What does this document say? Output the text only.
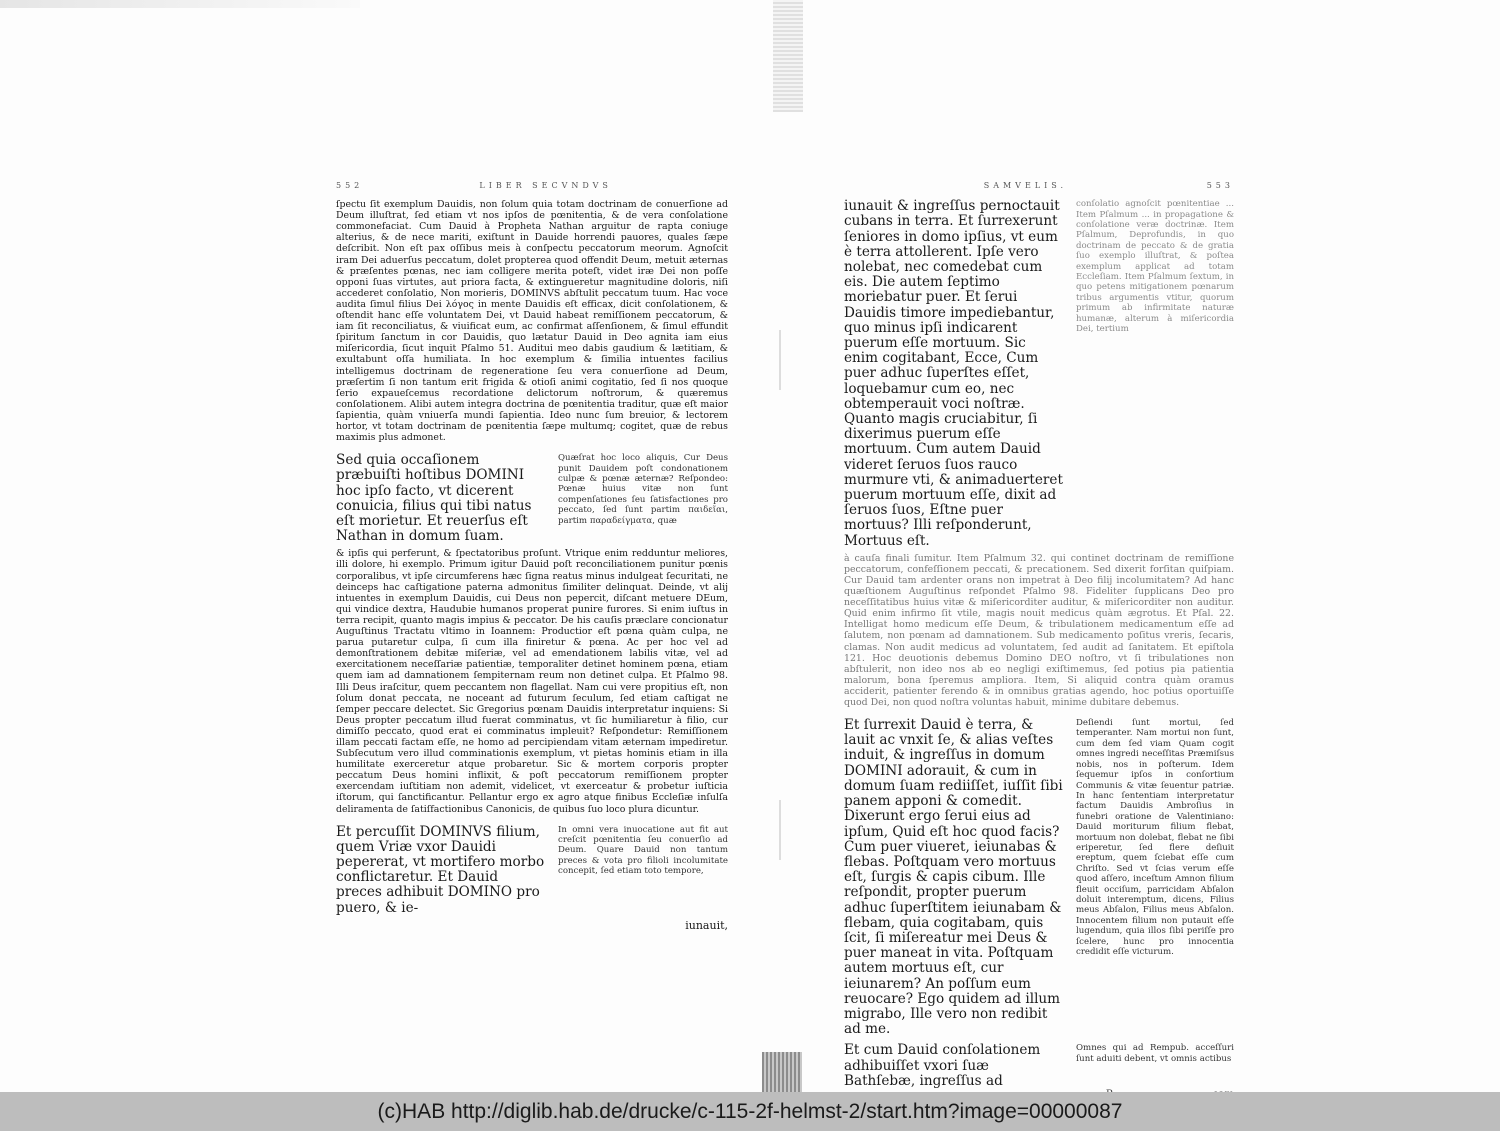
552	LIBER SECVNDVS

ſpectu ſit exemplum Dauidis, non ſolum quia totam doctrinam de conuerſione ad Deum illuſtrat, ſed etiam vt nos ipſos de pœnitentia, & de vera conſolatione commonefaciat. Cum Dauid à Propheta Nathan arguitur de rapta coniuge alterius, & de nece mariti, exiſtunt in Dauide horrendi pauores, quales ſæpe deſcribit. Non eſt pax oſſibus meis à conſpectu peccatorum meorum. Agnoſcit iram Dei aduerſus peccatum, dolet propterea quod offendit Deum, metuit æternas & præſentes pœnas, nec iam colligere merita poteſt, videt iræ Dei non poſſe opponi ſuas virtutes, aut priora facta, & extingueretur magnitudine doloris, niſi accederet conſolatio, Non morieris, DOMINVS abſtulit peccatum tuum. Hac voce audita ſimul filius Dei λόγος in mente Dauidis eſt efficax, dicit conſolationem, & oſtendit hanc eſſe voluntatem Dei, vt Dauid habeat remiſſionem peccatorum, & iam ſit reconciliatus, & viuificat eum, ac confirmat aſſenſionem, & ſimul effundit ſpiritum ſanctum in cor Dauidis, quo lætatur Dauid in Deo agnita iam eius miſericordia, ſicut inquit Pſalmo 51. Auditui meo dabis gaudium & lætitiam, & exultabunt oſſa humiliata. In hoc exemplum & ſimilia intuentes facilius intelligemus doctrinam de regeneratione ſeu vera conuerſione ad Deum, præſertim ſi non tantum erit frigida & otioſi animi cogitatio, ſed ſi nos quoque ſerio expaueſcemus recordatione delictorum noſtrorum, & quæremus conſolationem. Alibi autem integra doctrina de pœnitentia traditur, quæ eſt maior ſapientia, quàm vniuerſa mundi ſapientia. Ideo nunc ſum breuior, & lectorem hortor, vt totam doctrinam de pœnitentia ſæpe multumq; cogitet, quæ de rebus maximis plus admonet.

Sed quia occaſionem præbuiſti hoſtibus DOMINI hoc ipſo facto, vt dicerent conuicia, filius qui tibi natus eſt morietur. Et reuerſus eſt Nathan in domum ſuam.
Quæſrat hoc loco aliquis, Cur Deus punit Dauidem poſt condonationem culpæ & pœnæ æternæ? Reſpondeo: Pœnæ huius vitæ non ſunt compenſationes ſeu ſatisfactiones pro peccato, ſed ſunt partim παιδεῖαι, partim παραδείγματα, quæ

& ipſis qui perferunt, & ſpectatoribus proſunt. Vtrique enim redduntur meliores, illi dolore, hi exemplo. Primum igitur Dauid poſt reconciliationem punitur pœnis corporalibus, vt ipſe circumferens hæc ſigna reatus minus indulgeat ſecuritati, ne deinceps hac caſtigatione paterna admonitus ſimiliter delinquat. Deinde, vt alij intuentes in exemplum Dauidis, cui Deus non pepercit, diſcant metuere DEum, qui vindice dextra, Haudubie humanos properat punire furores. Si enim iuſtus in terra recipit, quanto magis impius & peccator. De his cauſis præclare concionatur Auguſtinus Tractatu vltimo in Ioannem: Productior eſt pœna quàm culpa, ne parua putaretur culpa, ſi cum illa finiretur & pœna. Ac per hoc vel ad demonſtrationem debitæ miſeriæ, vel ad emendationem labilis vitæ, vel ad exercitationem neceſſariæ patientiæ, temporaliter detinet hominem pœna, etiam quem iam ad damnationem ſempiternam reum non detinet culpa. Et Pſalmo 98. Illi Deus iraſcitur, quem peccantem non flagellat. Nam cui vere propitius eſt, non ſolum donat peccata, ne noceant ad futurum ſeculum, ſed etiam caſtigat ne ſemper peccare delectet. Sic Gregorius pœnam Dauidis interpretatur inquiens: Si Deus propter peccatum illud fuerat comminatus, vt ſic humiliaretur à filio, cur dimiſſo peccato, quod erat ei comminatus impleuit? Reſpondetur: Remiſſionem illam peccati factam eſſe, ne homo ad percipiendam vitam æternam impediretur. Subſecutum vero illud comminationis exemplum, vt pietas hominis etiam in illa humilitate exerceretur atque probaretur. Sic & mortem corporis propter peccatum Deus homini inflixit, & poſt peccatorum remiſſionem propter exercendam iuſtitiam non ademit, videlicet, vt exerceatur & probetur iuſticia iſtorum, qui ſanctificantur. Pellantur ergo ex agro atque finibus Eccleſiæ inſulſa deliramenta de ſatiſfactionibus Canonicis, de quibus ſuo loco plura dicuntur.

Et percuſſit DOMINVS filium, quem Vriæ vxor Dauidi pepererat, vt mortifero morbo conflictaretur. Et Dauid preces adhibuit DOMINO pro puero, & ie-
In omni vera inuocatione aut fit aut creſcit pœnitentia ſeu conuerſio ad Deum. Quare Dauid non tantum preces & vota pro filioli incolumitate concepit, ſed etiam toto tempore,
iunauit,
SAMVELIS.	553
iunauit & ingreſſus pernoctauit cubans in terra. Et ſurrexerunt ſeniores in domo ipſius, vt eum è terra attollerent. Ipſe vero nolebat, nec comedebat cum eis. Die autem ſeptimo moriebatur puer. Et ſerui Dauidis timore impediebantur, quo minus ipſi indicarent puerum eſſe mortuum. Sic enim cogitabant, Ecce, Cum puer adhuc ſuperſtes eſſet, loquebamur cum eo, nec obtemperauit voci noſtræ. Quanto magis cruciabitur, ſi dixerimus puerum eſſe mortuum. Cum autem Dauid videret ſeruos ſuos rauco murmure vti, & animaduerteret puerum mortuum eſſe, dixit ad ſeruos ſuos, Eſtne puer mortuus? Illi reſponderunt, Mortuus eſt.
conſolatio agnoſcit pœnitentiae ... Item Pſalmum ... in propagatione & conſolatione veræ doctrinæ. Item Pſalmum, Deprofundis, in quo doctrinam de peccato & de gratia ſuo exemplo illuſtrat, & poſtea exemplum applicat ad totam Eccleſiam. Item Pſalmum ſextum, in quo petens mitigationem pœnarum tribus argumentis vtitur, quorum primum ab infirmitate naturæ humanæ, alterum à miſericordia Dei, tertium

à cauſa finali ſumitur. Item Pſalmum 32. qui continet doctrinam de remiſſione peccatorum, confeſſionem peccati, & precationem. Sed dixerit forſitan quiſpiam. Cur Dauid tam ardenter orans non impetrat à Deo filij incolumitatem? Ad hanc quæſtionem Auguſtinus reſpondet Pſalmo 98. Fideliter ſupplicans Deo pro neceſſitatibus huius vitæ & miſericorditer auditur, & miſericorditer non auditur. Quid enim infirmo ſit vtile, magis nouit medicus quàm ægrotus. Et Pſal. 22. Intelligat homo medicum eſſe Deum, & tribulationem medicamentum eſſe ad ſalutem, non pœnam ad damnationem. Sub medicamento poſitus vreris, ſecaris, clamas. Non audit medicus ad voluntatem, ſed audit ad ſanitatem. Et epiſtola 121. Hoc deuotionis debemus Domino DEO noſtro, vt ſi tribulationes non abſtulerit, non ideo nos ab eo negligi exiſtimemus, ſed potius pia patientia malorum, bona ſperemus ampliora. Item, Si aliquid contra quàm oramus acciderit, patienter ferendo & in omnibus gratias agendo, hoc potius oportuiſſe quod Dei, non quod noſtra voluntas habuit, minime dubitare debemus.

Et ſurrexit Dauid è terra, & lauit ac vnxit ſe, & alias veſtes induit, & ingreſſus in domum DOMINI adorauit, & cum in domum ſuam rediiſſet, iuſſit ſibi panem apponi & comedit. Dixerunt ergo ſerui eius ad ipſum, Quid eſt hoc quod facis? Cum puer viueret, ieiunabas & flebas. Poſtquam vero mortuus eſt, ſurgis & capis cibum. Ille reſpondit, propter puerum adhuc ſuperſtitem ieiunabam & flebam, quia cogitabam, quis ſcit, ſi miſereatur mei Deus & puer maneat in vita. Poſtquam autem mortuus eſt, cur ieiunarem? An poſſum eum reuocare? Ego quidem ad illum migrabo, Ille vero non redibit ad me.
Deſiendi ſunt mortui, ſed temperanter. Nam mortui non ſunt, cum dem ſed viam Quam cogit omnes ingredi neceſſitas Præmiſsus nobis, nos in poſterum. Idem ſequemur ipſos in conſortium Communis & vitæ ſeuentur patriæ. In hanc ſententiam interpretatur factum Dauidis Ambroſius in funebri oratione de Valentiniano: Dauid moriturum filium flebat, mortuum non dolebat, flebat ne ſibi eriperetur, ſed flere deſiuit ereptum, quem ſciebat eſſe cum Chriſto. Sed vt ſcias verum eſſe quod aſſero, inceſtum Amnon filium fleuit occiſum, parricidam Abſalon doluit interemptum, dicens, Filius meus Abſalon, Filius meus Abſalon. Innocentem filium non putauit eſſe lugendum, quia illos ſibi periſſe pro ſcelere, hunc pro innocentia credidit eſſe victurum.
Et cum Dauid conſolationem adhibuiſſet vxori ſuæ Bathſebæ, ingreſſus ad
Omnes qui ad Rempub. acceſſuri ſunt aduiti debent, vt omnis actibus
(c)HAB http://diglib.hab.de/drucke/c-115-2f-helmst-2/start.htm?image=00000087
